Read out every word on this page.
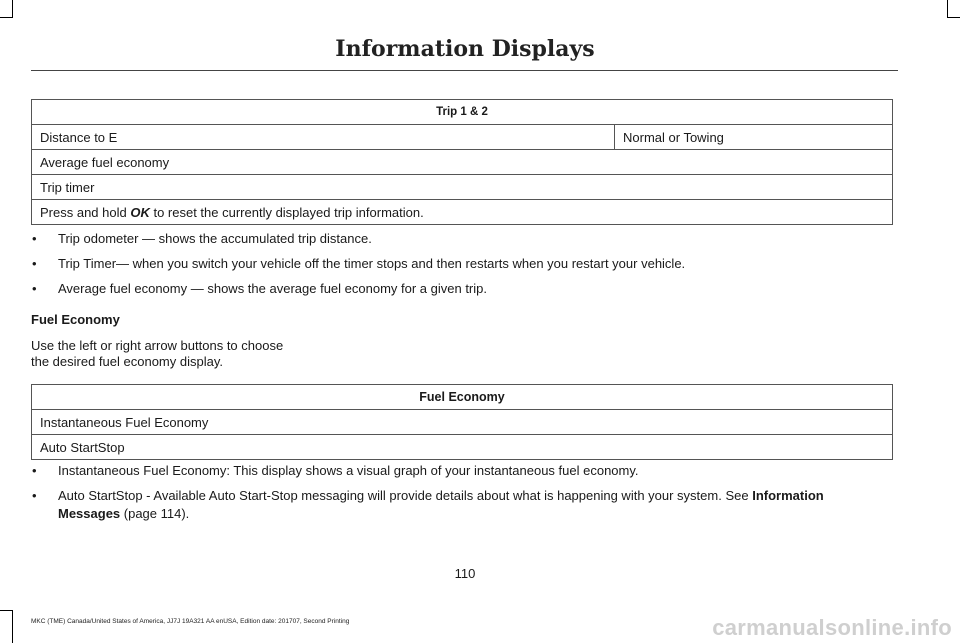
Information Displays
Trip 1 & 2
Distance to E	Normal or Towing
Average fuel economy
Trip timer
Press and hold OK to reset the currently displayed trip information.
• Trip odometer — shows the accumulated trip distance.
• Trip Timer— when you switch your vehicle off the timer stops and then restarts when you restart your vehicle.
• Average fuel economy — shows the average fuel economy for a given trip.
Fuel Economy
Use the left or right arrow buttons to choose
the desired fuel economy display.
Fuel Economy
Instantaneous Fuel Economy
Auto StartStop
• Instantaneous Fuel Economy: This display shows a visual graph of your instantaneous fuel economy.
• Auto StartStop - Available Auto Start-Stop messaging will provide details about what is happening with your system. See Information
Messages (page 114).
110
MKC (TME) Canada/United States of America, JJ7J 19A321 AA enUSA, Edition date: 201707, Second Printing	carmanualsonline.info
